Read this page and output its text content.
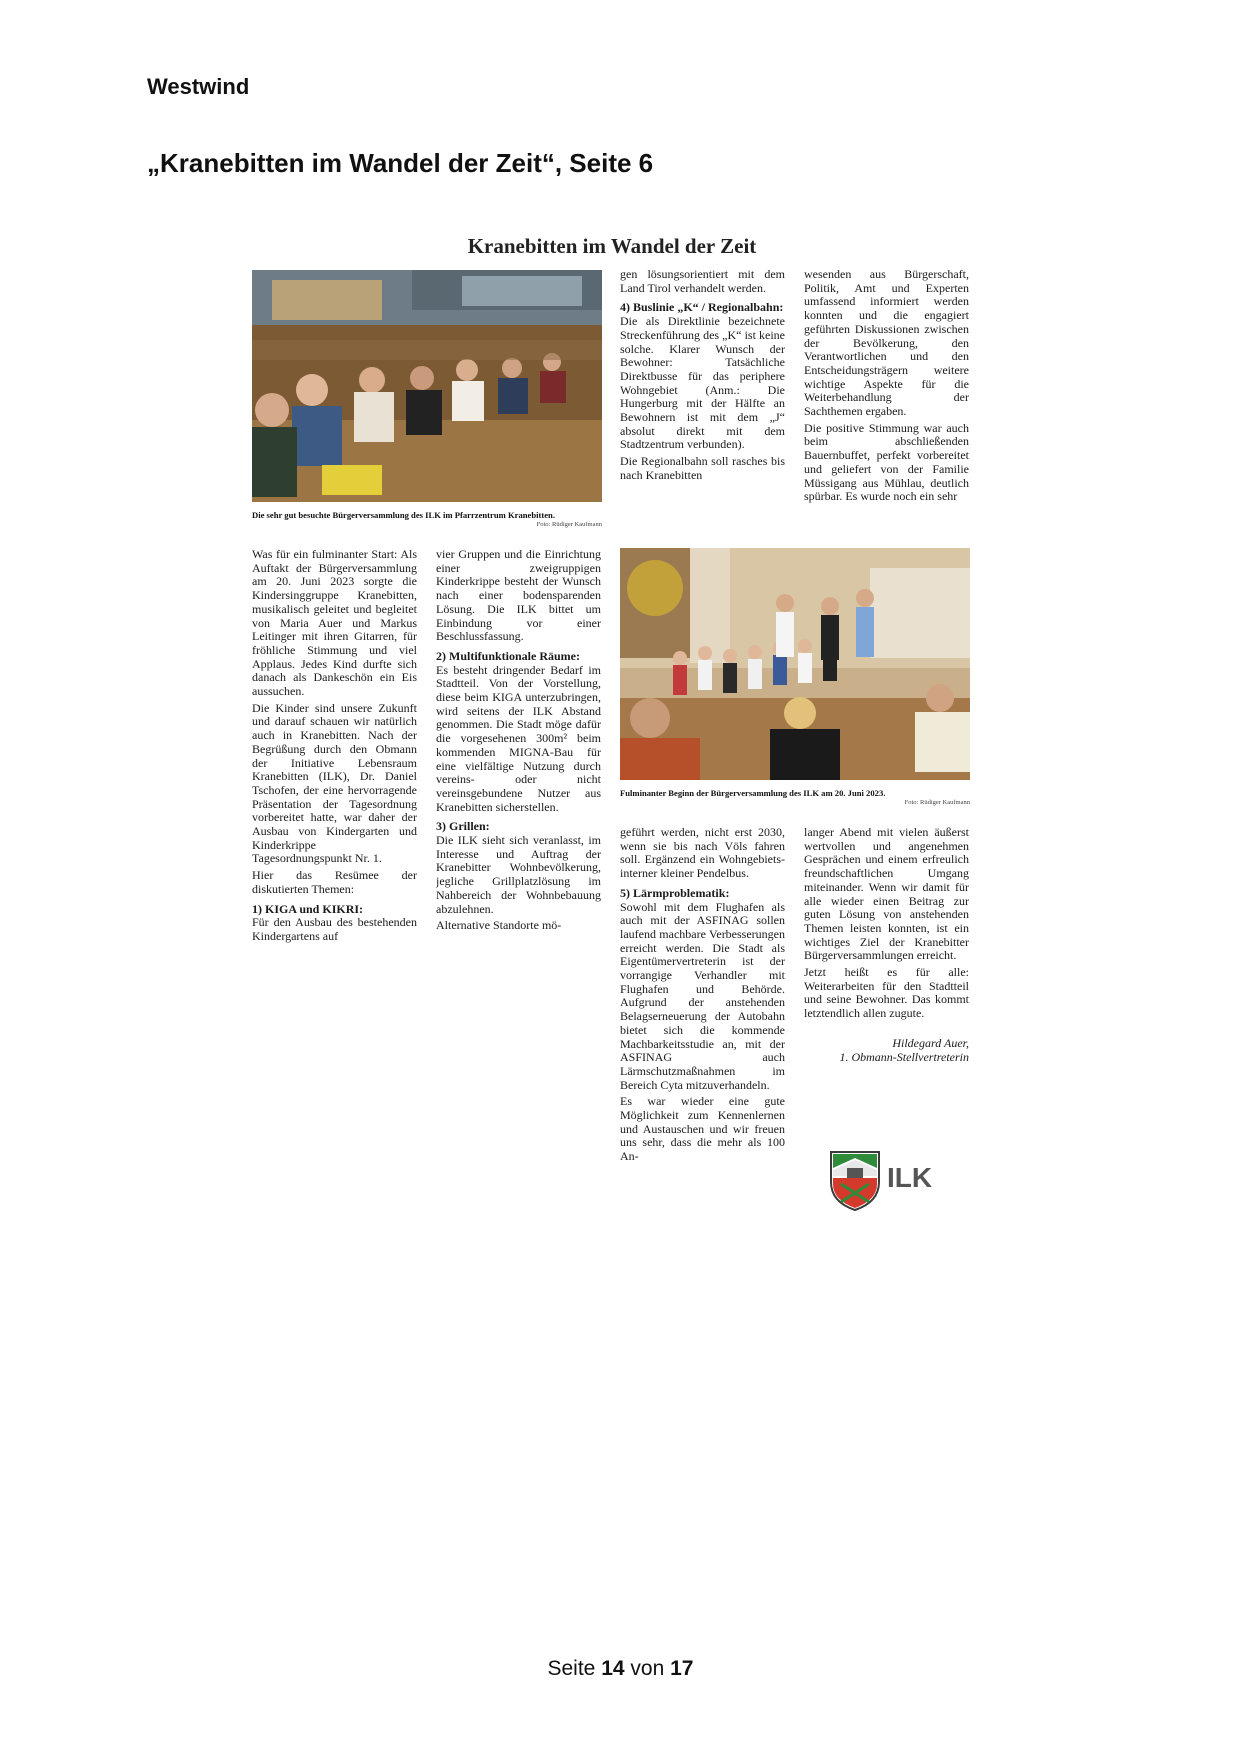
Westwind
„Kranebitten im Wandel der Zeit“, Seite 6
Kranebitten im Wandel der Zeit
Die sehr gut besuchte Bürgerversammlung des ILK im Pfarrzentrum Kranebitten.
Foto: Rüdiger Kaufmann

Was für ein fulminanter Start: Als Auftakt der Bürgerversammlung am 20. Juni 2023 sorgte die Kindersinggruppe Kranebitten, musikalisch geleitet und begleitet von Maria Auer und Markus Leitinger mit ihren Gitarren, für fröhliche Stimmung und viel Applaus. Jedes Kind durfte sich danach als Dankeschön ein Eis aussuchen.

Die Kinder sind unsere Zukunft und darauf schauen wir natürlich auch in Kranebitten. Nach der Begrüßung durch den Obmann der Initiative Lebensraum Kranebitten (ILK), Dr. Daniel Tschofen, der eine hervorragende Präsentation der Tagesordnung vorbereitet hatte, war daher der Ausbau von Kindergarten und Kinderkrippe Tagesordnungspunkt Nr. 1.

Hier das Resümee der diskutierten Themen:

1) KIGA und KIKRI:

Für den Ausbau des bestehenden Kindergartens auf

vier Gruppen und die Einrichtung einer zweigruppigen Kinderkrippe besteht der Wunsch nach einer bodensparenden Lösung. Die ILK bittet um Einbindung vor einer Beschlussfassung.

2) Multifunktionale Räume:

Es besteht dringender Bedarf im Stadtteil. Von der Vorstellung, diese beim KIGA unterzubringen, wird seitens der ILK Abstand genommen. Die Stadt möge dafür die vorgesehenen 300m² beim kommenden MIGNA-Bau für eine vielfältige Nutzung durch vereins- oder nicht vereinsgebundene Nutzer aus Kranebitten sicherstellen.

3) Grillen:

Die ILK sieht sich veranlasst, im Interesse und Auftrag der Kranebitter Wohnbevölkerung, jegliche Grillplatzlösung im Nahbereich der Wohnbebauung abzulehnen.

Alternative Standorte mö-

gen lösungsorientiert mit dem Land Tirol verhandelt werden.

4) Buslinie „K“ / Regionalbahn:

Die als Direktlinie bezeichnete Streckenführung des „K“ ist keine solche. Klarer Wunsch der Bewohner: Tatsächliche Direktbusse für das periphere Wohngebiet (Anm.: Die Hungerburg mit der Hälfte an Bewohnern ist mit dem „J“ absolut direkt mit dem Stadtzentrum verbunden).

Die Regionalbahn soll rasches bis nach Kranebitten

wesenden aus Bürgerschaft, Politik, Amt und Experten umfassend informiert werden konnten und die engagiert geführten Diskussionen zwischen der Bevölkerung, den Verantwortlichen und den Entscheidungsträgern weitere wichtige Aspekte für die Weiterbehandlung der Sachthemen ergaben.

Die positive Stimmung war auch beim abschließenden Bauernbuffet, perfekt vorbereitet und geliefert von der Familie Müssigang aus Mühlau, deutlich spürbar. Es wurde noch ein sehr

Fulminanter Beginn der Bürgerversammlung des ILK am 20. Juni 2023.
Foto: Rüdiger Kaufmann

geführt werden, nicht erst 2030, wenn sie bis nach Völs fahren soll. Ergänzend ein Wohngebiets-interner kleiner Pendelbus.

5) Lärmproblematik:

Sowohl mit dem Flughafen als auch mit der ASFINAG sollen laufend machbare Verbesserungen erreicht werden. Die Stadt als Eigentümervertreterin ist der vorrangige Verhandler mit Flughafen und Behörde. Aufgrund der anstehenden Belagserneuerung der Autobahn bietet sich die kommende Machbarkeitsstudie an, mit der ASFINAG auch Lärmschutzmaßnahmen im Bereich Cyta mitzuverhandeln.

Es war wieder eine gute Möglichkeit zum Kennenlernen und Austauschen und wir freuen uns sehr, dass die mehr als 100 An-

langer Abend mit vielen äußerst wertvollen und angenehmen Gesprächen und einem erfreulich freundschaftlichen Umgang miteinander. Wenn wir damit für alle wieder einen Beitrag zur guten Lösung von anstehenden Themen leisten konnten, ist ein wichtiges Ziel der Kranebitter Bürgerversammlungen erreicht.

Jetzt heißt es für alle: Weiterarbeiten für den Stadtteil und seine Bewohner. Das kommt letztendlich allen zugute.

Hildegard Auer,
1. Obmann-Stellvertreterin
ILK
Seite 14 von 17
